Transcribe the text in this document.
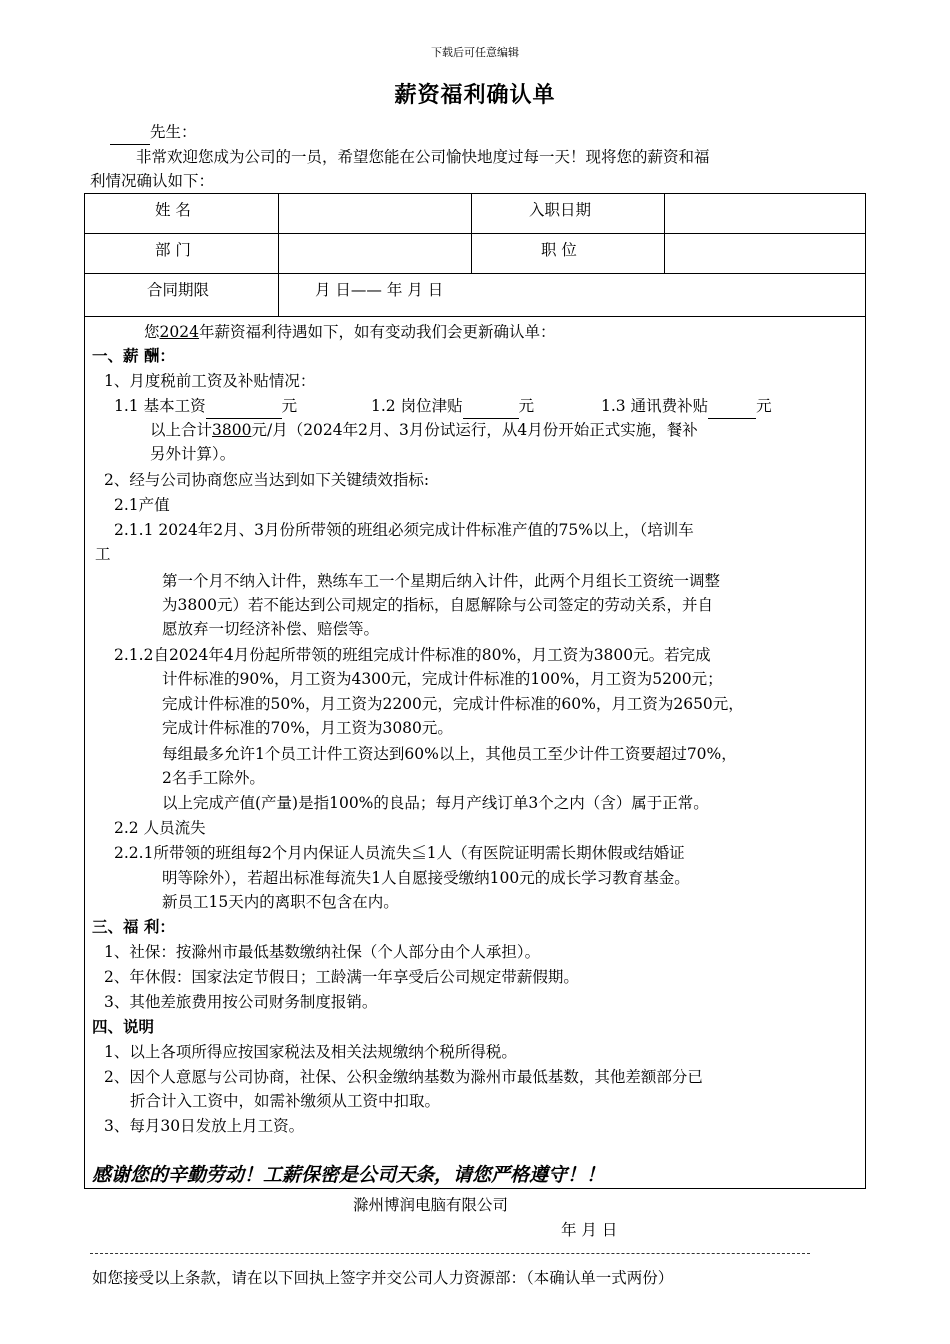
下载后可任意编辑
薪资福利确认单
先生：
非常欢迎您成为公司的一员，希望您能在公司愉快地度过每一天！现将您的薪资和福
利情况确认如下：
姓 名	入职日期
部 门	职 位
合同期限	月 日—— 年 月 日
您2024年薪资福利待遇如下，如有变动我们会更新确认单：
一、薪 酬：
1、月度税前工资及补贴情况：
1.1 基本工资	元	1.2 岗位津贴	元	1.3 通讯费补贴	元
以上合计3800元/月（2024年2月、3月份试运行，从4月份开始正式实施，餐补
另外计算）。
2、经与公司协商您应当达到如下关键绩效指标:
2.1产值
2.1.1 2024年2月、3月份所带领的班组必须完成计件标准产值的75%以上，（培训车
工
第一个月不纳入计件，熟练车工一个星期后纳入计件，此两个月组长工资统一调整
为3800元）若不能达到公司规定的指标，自愿解除与公司签定的劳动关系，并自
愿放弃一切经济补偿、赔偿等。
2.1.2自2024年4月份起所带领的班组完成计件标准的80%，月工资为3800元。若完成
计件标准的90%，月工资为4300元，完成计件标准的100%，月工资为5200元；
完成计件标准的50%，月工资为2200元，完成计件标准的60%，月工资为2650元，
完成计件标准的70%，月工资为3080元。
每组最多允许1个员工计件工资达到60%以上，其他员工至少计件工资要超过70%，
2名手工除外。
以上完成产值(产量)是指100%的良品；每月产线订单3个之内（含）属于正常。
2.2 人员流失
2.2.1所带领的班组每2个月内保证人员流失≦1人（有医院证明需长期休假或结婚证
明等除外），若超出标准每流失1人自愿接受缴纳100元的成长学习教育基金。
新员工15天内的离职不包含在内。
三、福 利：
1、社保：按滁州市最低基数缴纳社保（个人部分由个人承担）。
2、年休假：国家法定节假日；工龄满一年享受后公司规定带薪假期。
3、其他差旅费用按公司财务制度报销。
四、说明
1、以上各项所得应按国家税法及相关法规缴纳个税所得税。
2、因个人意愿与公司协商，社保、公积金缴纳基数为滁州市最低基数，其他差额部分已
折合计入工资中，如需补缴须从工资中扣取。
3、每月30日发放上月工资。
感谢您的辛勤劳动！工薪保密是公司天条，请您严格遵守！！
滁州博润电脑有限公司
年 月 日
如您接受以上条款，请在以下回执上签字并交公司人力资源部：（本确认单一式两份）
